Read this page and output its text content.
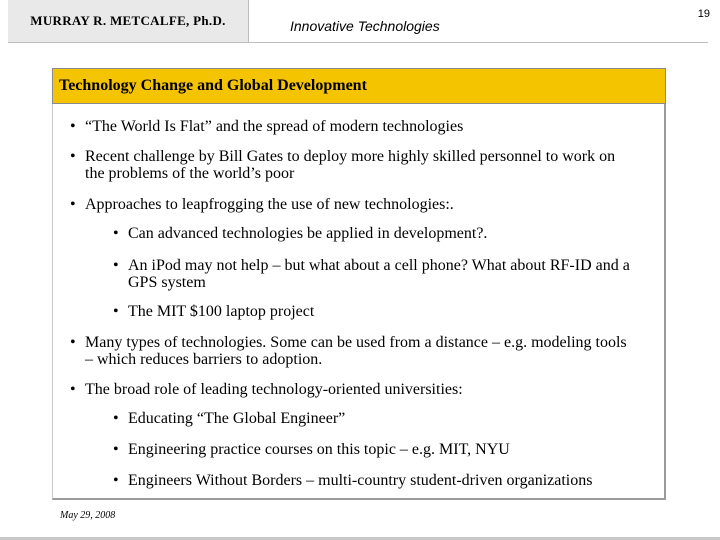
MURRAY R. METCALFE, Ph.D.	Innovative Technologies
19
Technology Change and Global Development
• “The World Is Flat” and the spread of modern technologies
• Recent challenge by Bill Gates to deploy more highly skilled personnel to work on the problems of the world’s poor
• Approaches to leapfrogging the use of new technologies:.
• Can advanced technologies be applied in development?.
• An iPod may not help – but what about a cell phone? What about RF-ID and a GPS system
• The MIT $100 laptop project
• Many types of technologies. Some can be used from a distance – e.g. modeling tools – which reduces barriers to adoption.
• The broad role of leading technology-oriented universities:
• Educating “The Global Engineer”
• Engineering practice courses on this topic – e.g. MIT, NYU
• Engineers Without Borders – multi-country student-driven organizations
May 29, 2008
